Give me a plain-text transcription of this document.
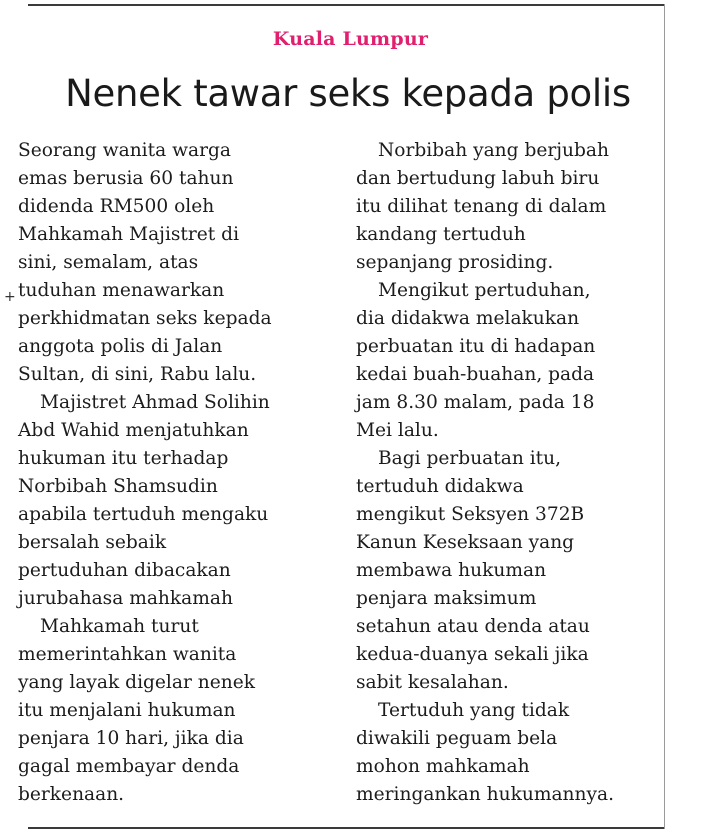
Kuala Lumpur
Nenek tawar seks kepada polis
+
Seorang wanita warga
emas berusia 60 tahun
didenda RM500 oleh
Mahkamah Majistret di
sini, semalam, atas
tuduhan menawarkan
perkhidmatan seks kepada
anggota polis di Jalan
Sultan, di sini, Rabu lalu.
Majistret Ahmad Solihin
Abd Wahid menjatuhkan
hukuman itu terhadap
Norbibah Shamsudin
apabila tertuduh mengaku
bersalah sebaik
pertuduhan dibacakan
jurubahasa mahkamah
Mahkamah turut
memerintahkan wanita
yang layak digelar nenek
itu menjalani hukuman
penjara 10 hari, jika dia
gagal membayar denda
berkenaan.
Norbibah yang berjubah
dan bertudung labuh biru
itu dilihat tenang di dalam
kandang tertuduh
sepanjang prosiding.
Mengikut pertuduhan,
dia didakwa melakukan
perbuatan itu di hadapan
kedai buah-buahan, pada
jam 8.30 malam, pada 18
Mei lalu.
Bagi perbuatan itu,
tertuduh didakwa
mengikut Seksyen 372B
Kanun Keseksaan yang
membawa hukuman
penjara maksimum
setahun atau denda atau
kedua-duanya sekali jika
sabit kesalahan.
Tertuduh yang tidak
diwakili peguam bela
mohon mahkamah
meringankan hukumannya.
